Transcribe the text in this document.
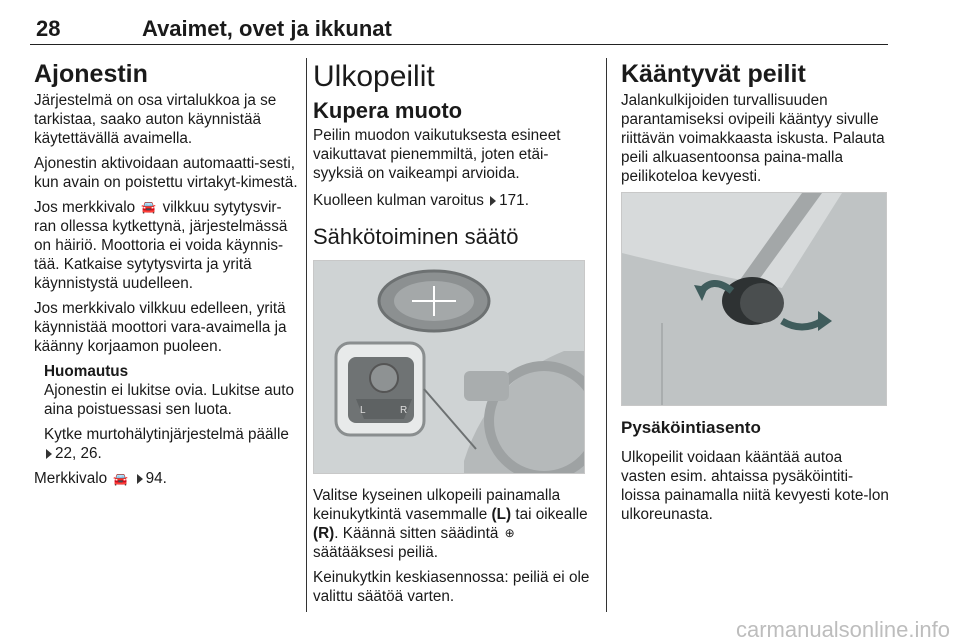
28	Avaimet, ovet ja ikkunat
Ajonestin

Järjestelmä on osa virtalukkoa ja se tarkistaa, saako auton käynnistää käytettävällä avaimella.

Ajonestin aktivoidaan automaatti-sesti, kun avain on poistettu virtakyt-kimestä.

Jos merkkivalo 🚘 vilkkuu sytytysvir-ran ollessa kytkettynä, järjestelmässä on häiriö. Moottoria ei voida käynnis-tää. Katkaise sytytysvirta ja yritä käynnistystä uudelleen.

Jos merkkivalo vilkkuu edelleen, yritä käynnistää moottori vara-avaimella ja käänny korjaamon puoleen.

Huomautus

Ajonestin ei lukitse ovia. Lukitse auto aina poistuessasi sen luota.

Kytke murtohälytinjärjestelmä päälle
22, 26.

Merkkivalo 🚘 94.

Ulkopeilit
Kupera muoto

Peilin muodon vaikutuksesta esineet vaikuttavat pienemmiltä, joten etäi-syyksiä on vaikeampi arvioida.

Kuolleen kulman varoitus 171.

Sähkötoiminen säätö
L	R

Valitse kyseinen ulkopeili painamalla keinukytkintä vasemmalle (L) tai oikealle (R). Käännä sitten säädintä ⊕ säätääksesi peiliä.

Keinukytkin keskiasennossa: peiliä ei ole valittu säätöä varten.

Kääntyvät peilit

Jalankulkijoiden turvallisuuden parantamiseksi ovipeili kääntyy sivulle riittävän voimakkaasta iskusta. Palauta peili alkuasentoonsa paina-malla peilikoteloa kevyesti.

Pysäköintiasento

Ulkopeilit voidaan kääntää autoa vasten esim. ahtaissa pysäköintiti-loissa painamalla niitä kevyesti kote-lon ulkoreunasta.

carmanualsonline.info
